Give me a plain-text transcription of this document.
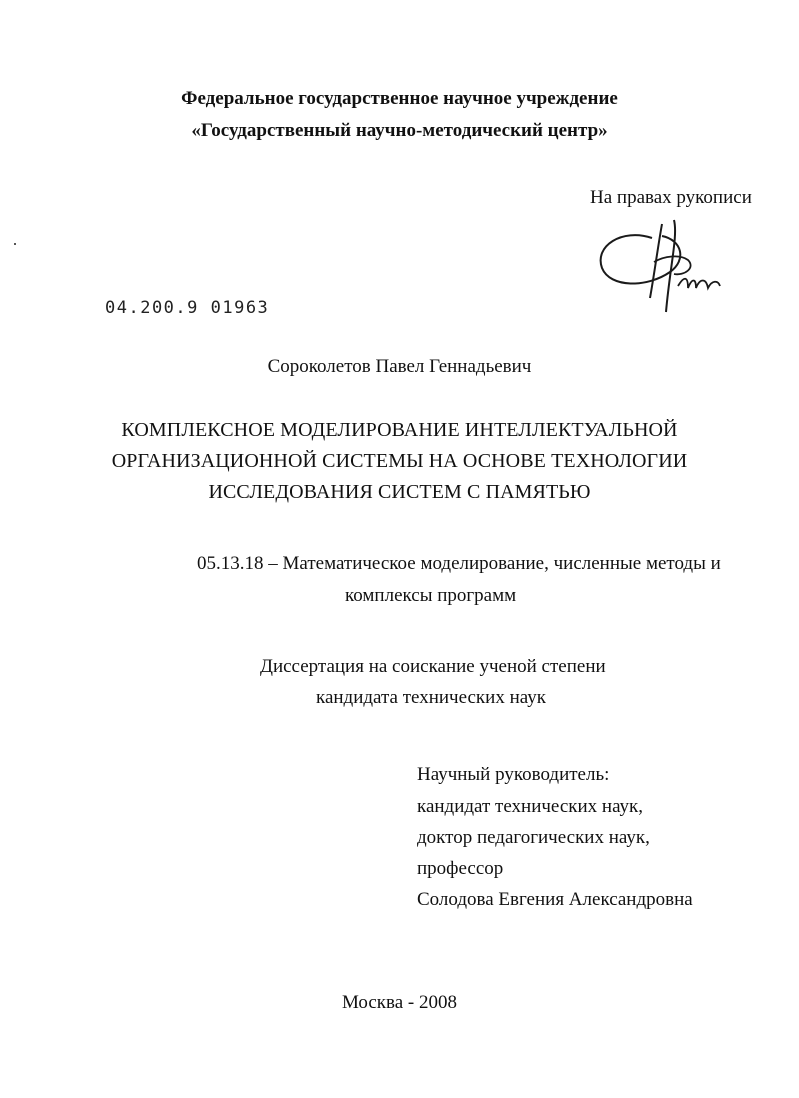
Федеральное государственное научное учреждение
«Государственный научно-методический центр»
На правах рукописи
04.200.9 01963
Сороколетов Павел Геннадьевич
КОМПЛЕКСНОЕ МОДЕЛИРОВАНИЕ ИНТЕЛЛЕКТУАЛЬНОЙ
ОРГАНИЗАЦИОННОЙ СИСТЕМЫ НА ОСНОВЕ ТЕХНОЛОГИИ
ИССЛЕДОВАНИЯ СИСТЕМ С ПАМЯТЬЮ
05.13.18 – Математическое моделирование, численные методы и
комплексы программ
Диссертация на соискание ученой степени
кандидата технических наук
Научный руководитель:
кандидат технических наук,
доктор педагогических наук,
профессор
Солодова Евгения Александровна
Москва - 2008
